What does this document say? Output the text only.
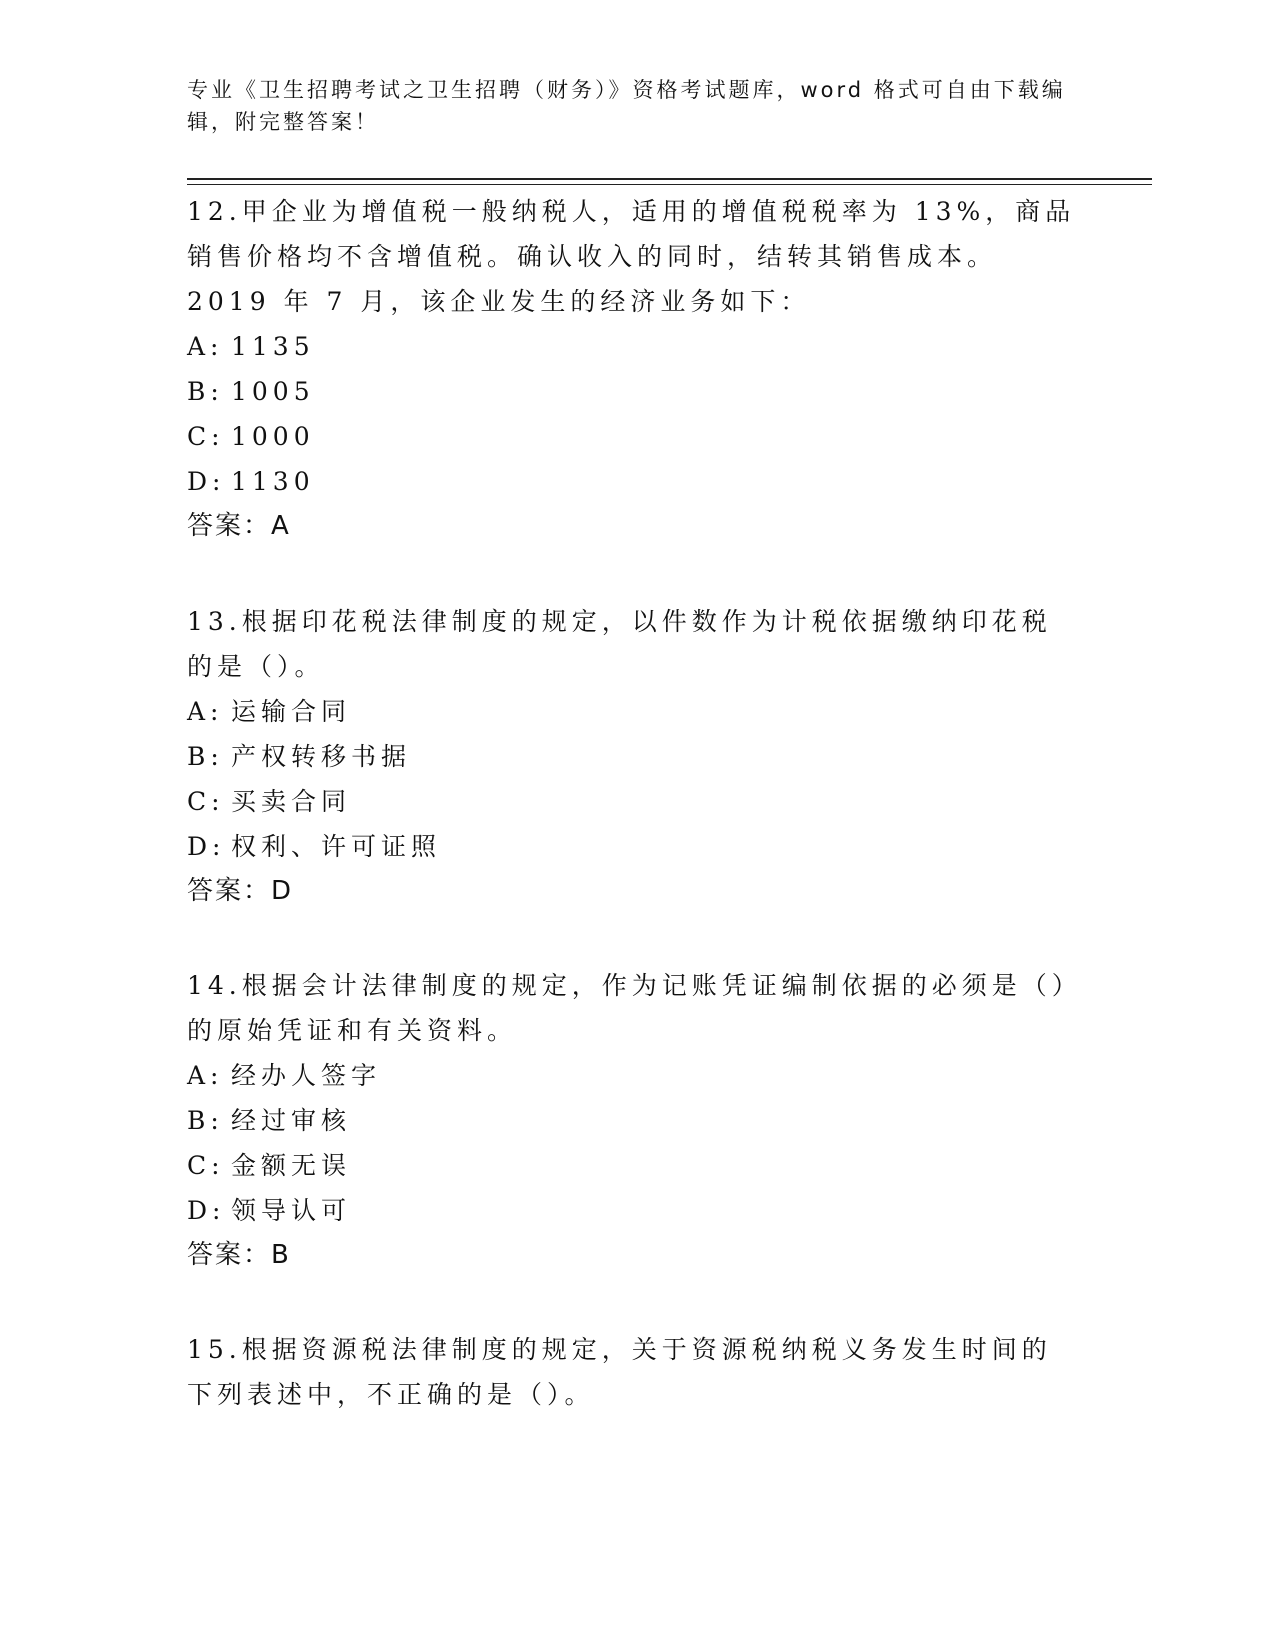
专业《卫生招聘考试之卫生招聘（财务）》资格考试题库，word 格式可自由下载编辑，附完整答案！

12.甲企业为增值税一般纳税人，适用的增值税税率为 13%，商品销售价格均不含增值税。确认收入的同时，结转其销售成本。2019 年 7 月，该企业发生的经济业务如下：

A: 1135
B: 1005
C: 1000
D: 1130
答案：A

13.根据印花税法律制度的规定，以件数作为计税依据缴纳印花税的是（）。

A: 运输合同
B: 产权转移书据
C: 买卖合同
D: 权利、许可证照
答案：D

14.根据会计法律制度的规定，作为记账凭证编制依据的必须是（）的原始凭证和有关资料。

A: 经办人签字
B: 经过审核
C: 金额无误
D: 领导认可
答案：B

15.根据资源税法律制度的规定，关于资源税纳税义务发生时间的下列表述中，不正确的是（）。
